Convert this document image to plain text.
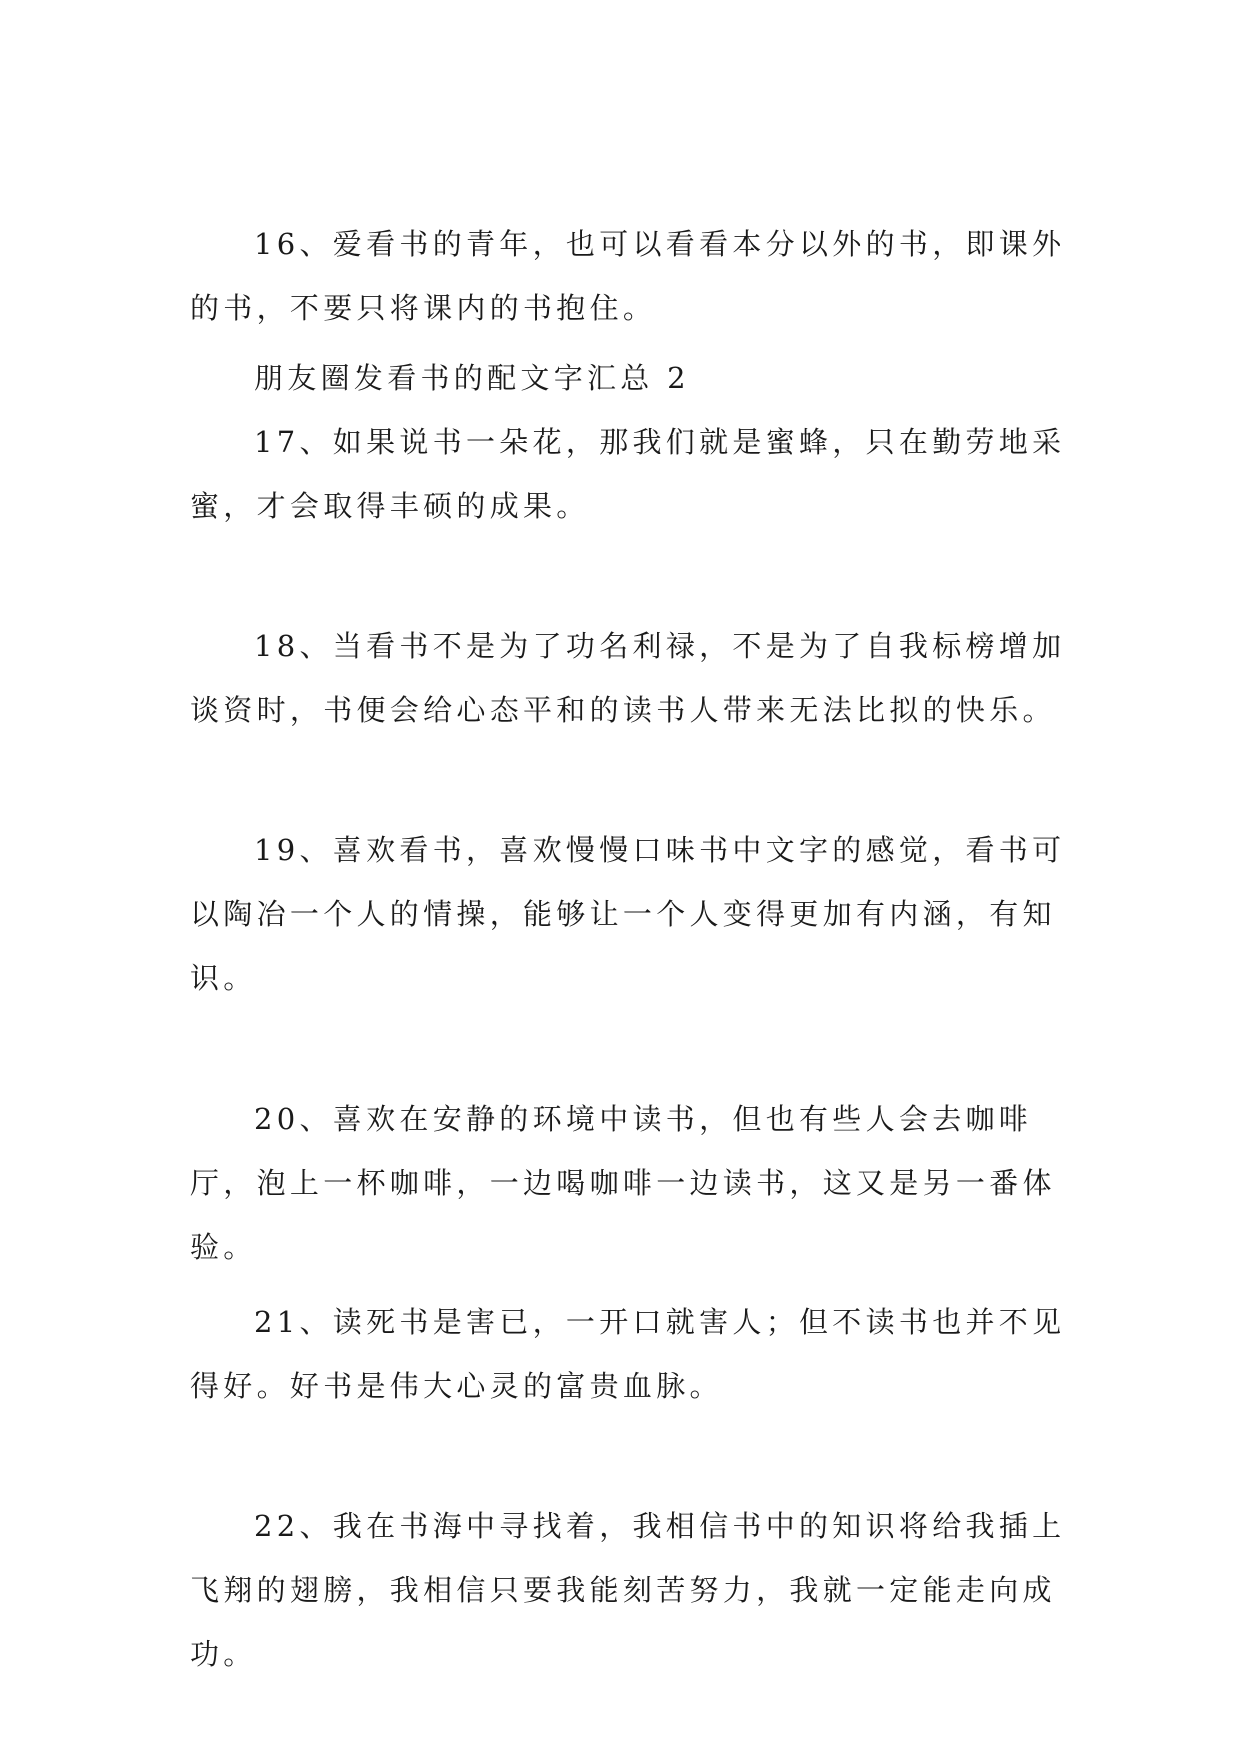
16、爱看书的青年，也可以看看本分以外的书，即课外的书，不要只将课内的书抱住。

朋友圈发看书的配文字汇总 2

17、如果说书一朵花，那我们就是蜜蜂，只在勤劳地采蜜，才会取得丰硕的成果。

18、当看书不是为了功名利禄，不是为了自我标榜增加谈资时，书便会给心态平和的读书人带来无法比拟的快乐。

19、喜欢看书，喜欢慢慢口味书中文字的感觉，看书可以陶冶一个人的情操，能够让一个人变得更加有内涵，有知识。

20、喜欢在安静的环境中读书，但也有些人会去咖啡厅，泡上一杯咖啡，一边喝咖啡一边读书，这又是另一番体验。

21、读死书是害已，一开口就害人；但不读书也并不见得好。好书是伟大心灵的富贵血脉。

22、我在书海中寻找着，我相信书中的知识将给我插上飞翔的翅膀，我相信只要我能刻苦努力，我就一定能走向成功。
